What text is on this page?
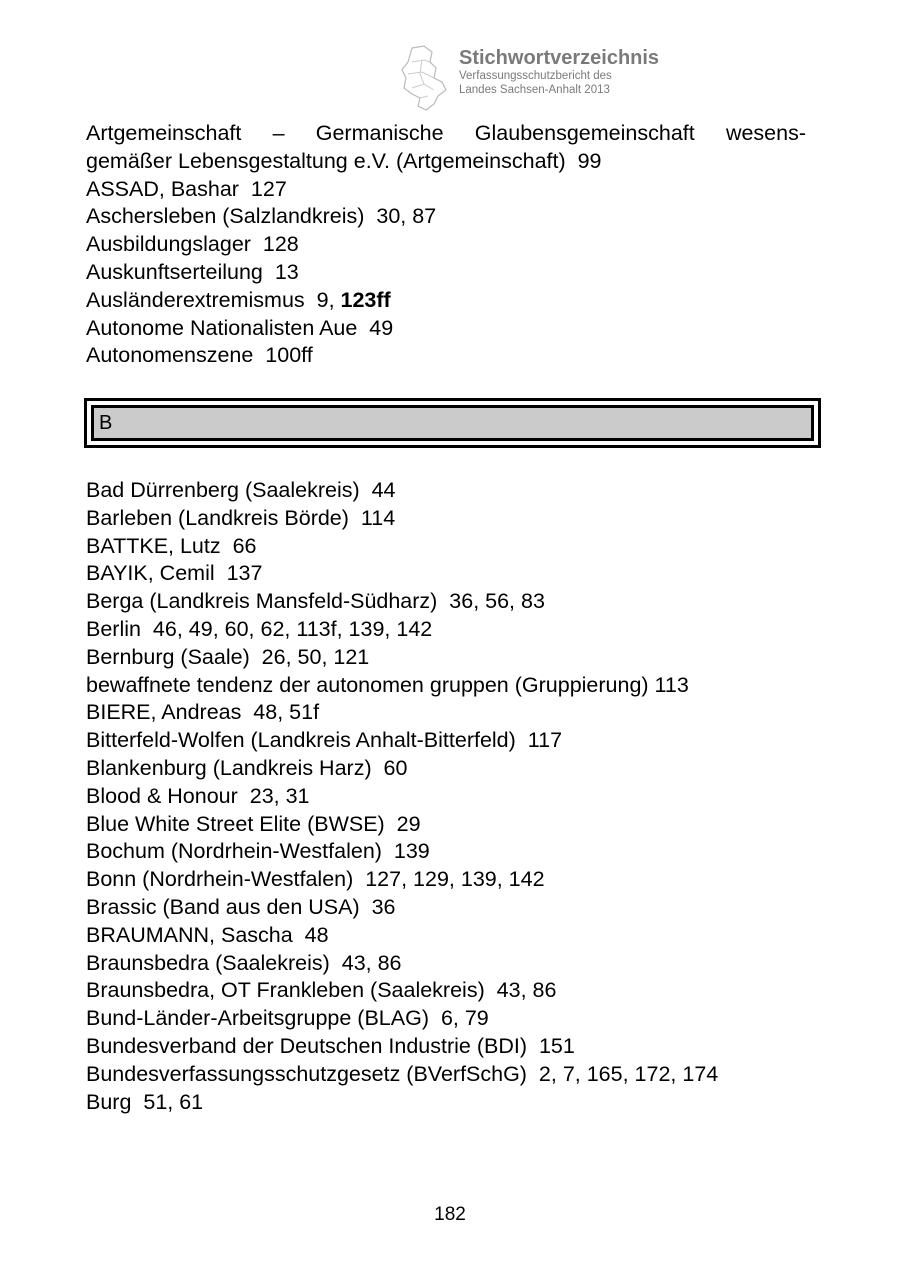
Stichwortverzeichnis
Verfassungsschutzbericht des
Landes Sachsen-Anhalt 2013
Artgemeinschaft – Germanische Glaubensgemeinschaft wesens-
gemäßer Lebensgestaltung e.V. (Artgemeinschaft)  99
ASSAD, Bashar  127
Aschersleben (Salzlandkreis)  30, 87
Ausbildungslager  128
Auskunftserteilung  13
Ausländerextremismus  9, 123ff
Autonome Nationalisten Aue  49
Autonomenszene  100ff
B
Bad Dürrenberg (Saalekreis)  44
Barleben (Landkreis Börde)  114
BATTKE, Lutz  66
BAYIK, Cemil  137
Berga (Landkreis Mansfeld-Südharz)  36, 56, 83
Berlin  46, 49, 60, 62, 113f, 139, 142
Bernburg (Saale)  26, 50, 121
bewaffnete tendenz der autonomen gruppen (Gruppierung) 113
BIERE, Andreas  48, 51f
Bitterfeld-Wolfen (Landkreis Anhalt-Bitterfeld)  117
Blankenburg (Landkreis Harz)  60
Blood & Honour  23, 31
Blue White Street Elite (BWSE)  29
Bochum (Nordrhein-Westfalen)  139
Bonn (Nordrhein-Westfalen)  127, 129, 139, 142
Brassic (Band aus den USA)  36
BRAUMANN, Sascha  48
Braunsbedra (Saalekreis)  43, 86
Braunsbedra, OT Frankleben (Saalekreis)  43, 86
Bund-Länder-Arbeitsgruppe (BLAG)  6, 79
Bundesverband der Deutschen Industrie (BDI)  151
Bundesverfassungsschutzgesetz (BVerfSchG)  2, 7, 165, 172, 174
Burg  51, 61
182
